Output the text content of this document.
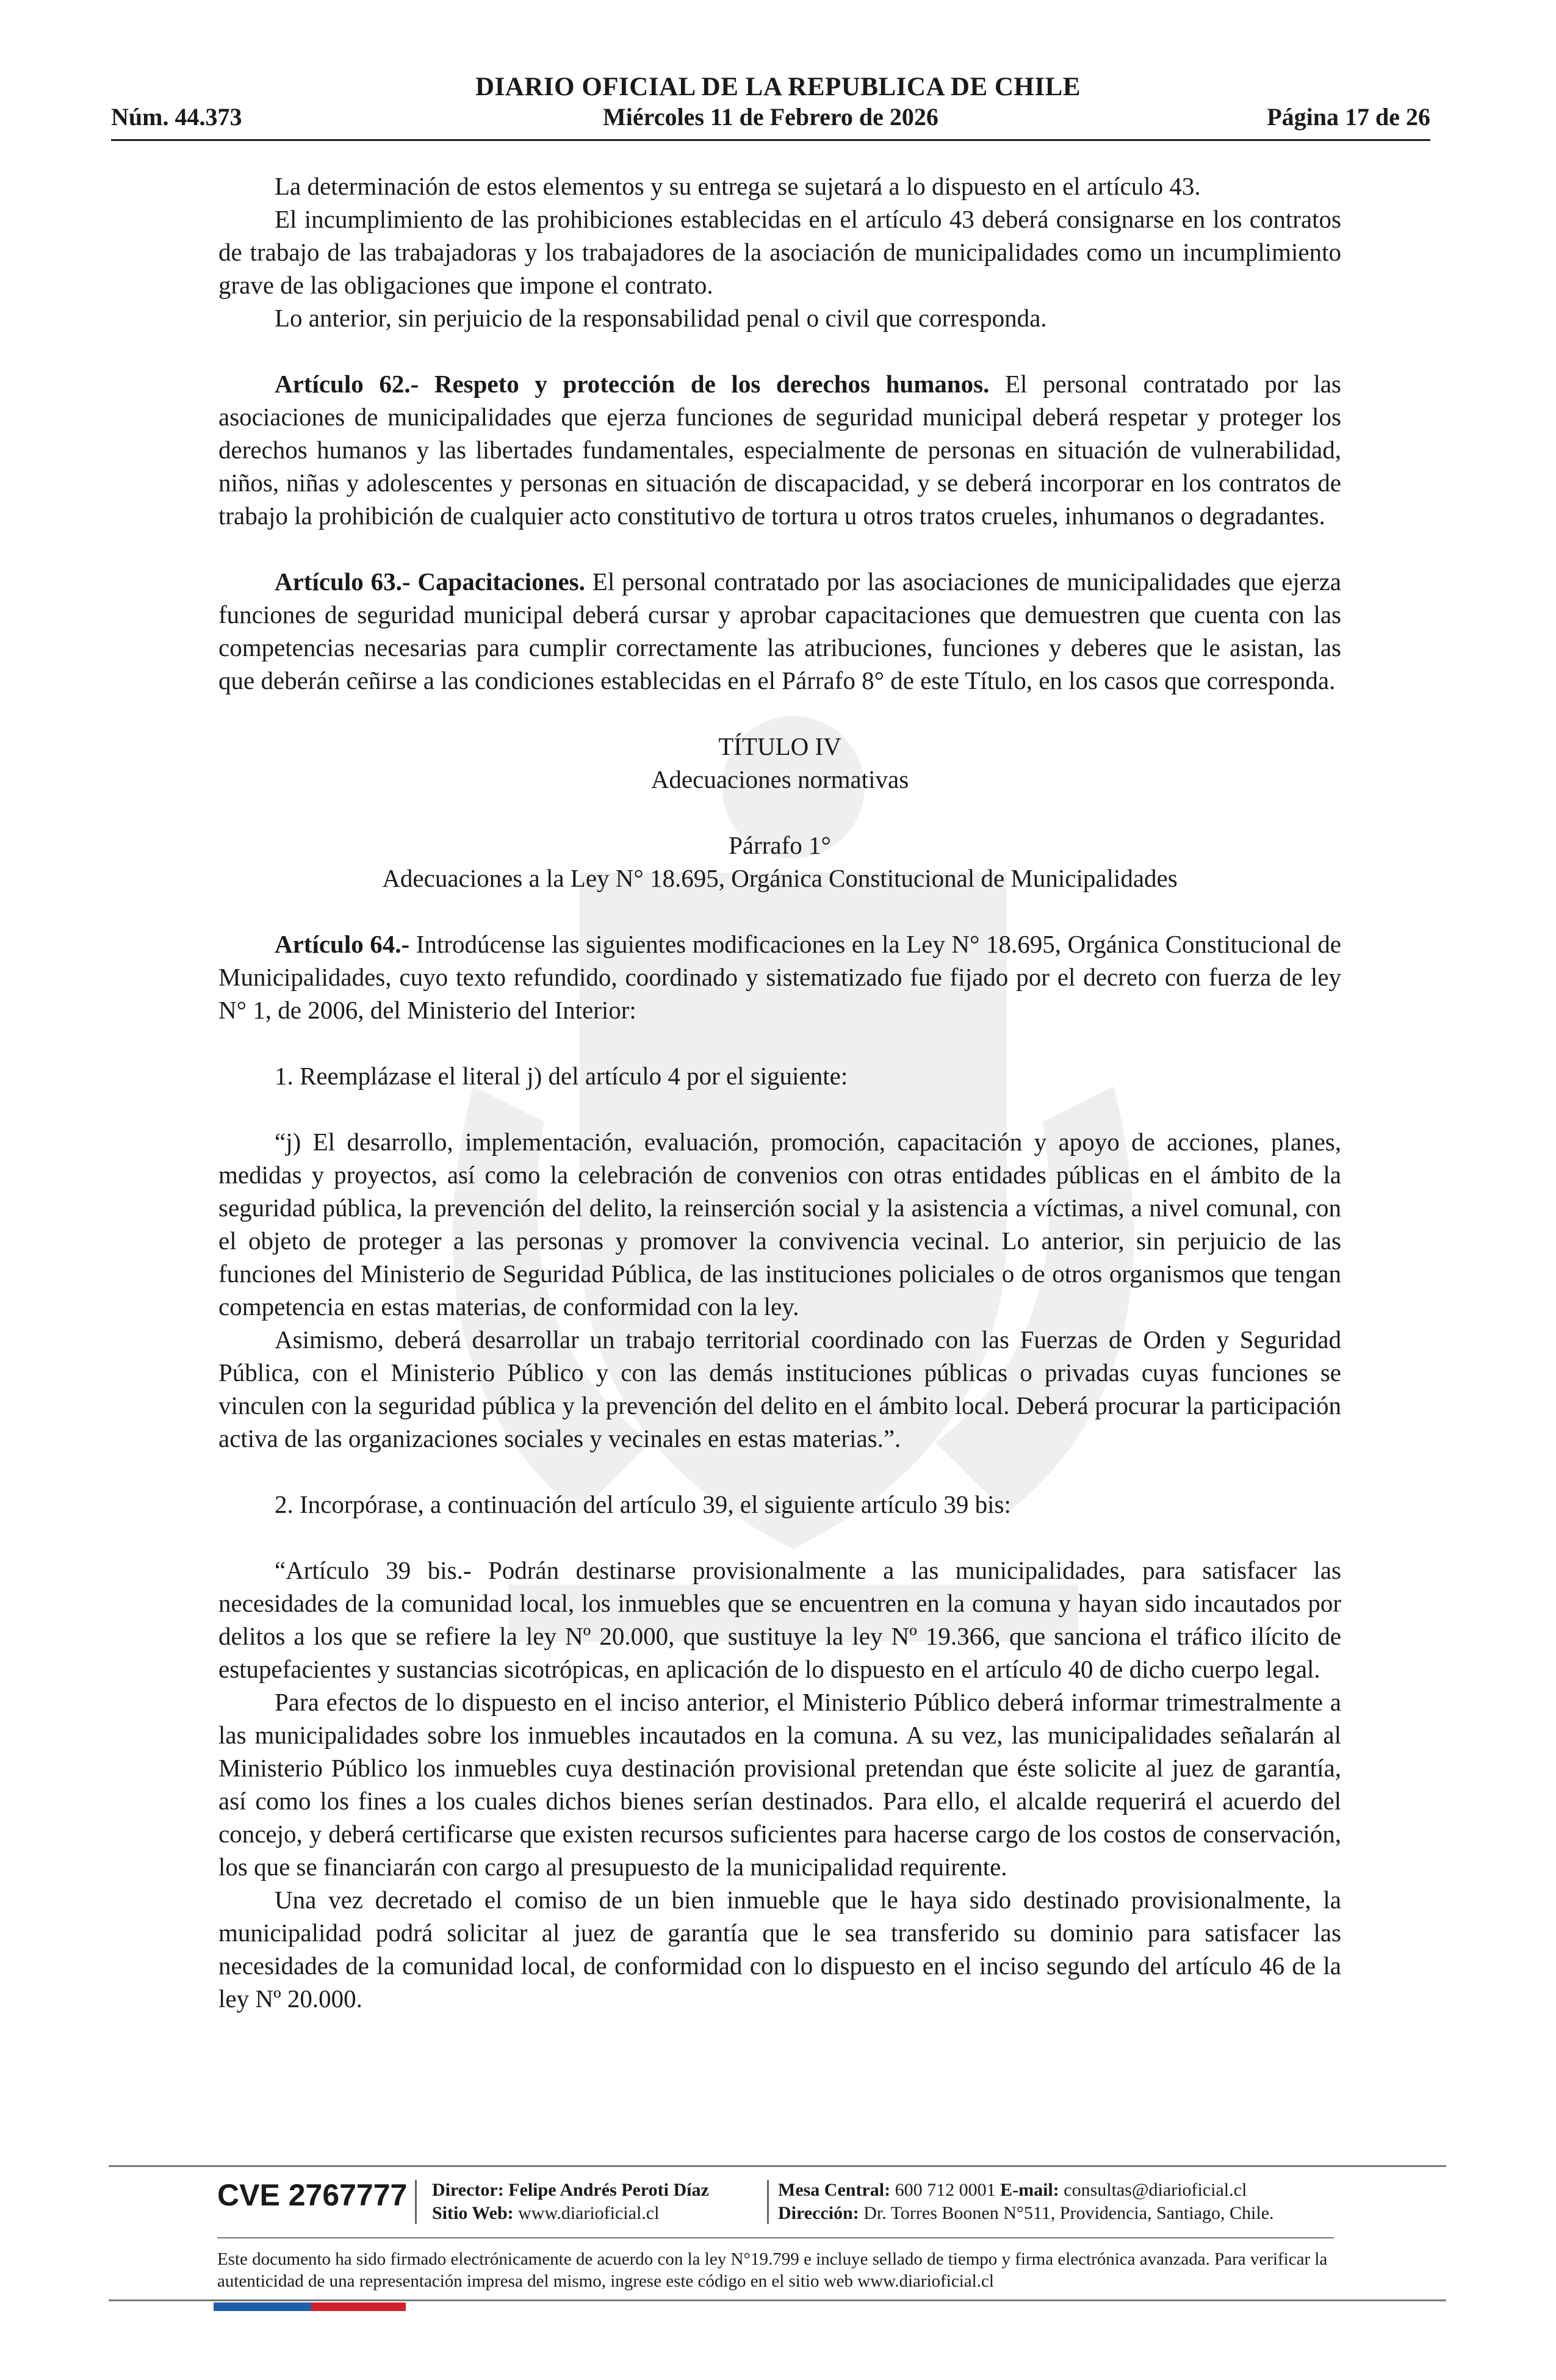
DIARIO OFICIAL DE LA REPUBLICA DE CHILE
Núm. 44.373	Miércoles 11 de Febrero de 2026	Página 17 de 26

La determinación de estos elementos y su entrega se sujetará a lo dispuesto en el artículo 43.

El incumplimiento de las prohibiciones establecidas en el artículo 43 deberá consignarse en los contratos de trabajo de las trabajadoras y los trabajadores de la asociación de municipalidades como un incumplimiento grave de las obligaciones que impone el contrato.

Lo anterior, sin perjuicio de la responsabilidad penal o civil que corresponda.

Artículo 62.- Respeto y protección de los derechos humanos. El personal contratado por las asociaciones de municipalidades que ejerza funciones de seguridad municipal deberá respetar y proteger los derechos humanos y las libertades fundamentales, especialmente de personas en situación de vulnerabilidad, niños, niñas y adolescentes y personas en situación de discapacidad, y se deberá incorporar en los contratos de trabajo la prohibición de cualquier acto constitutivo de tortura u otros tratos crueles, inhumanos o degradantes.

Artículo 63.- Capacitaciones. El personal contratado por las asociaciones de municipalidades que ejerza funciones de seguridad municipal deberá cursar y aprobar capacitaciones que demuestren que cuenta con las competencias necesarias para cumplir correctamente las atribuciones, funciones y deberes que le asistan, las que deberán ceñirse a las condiciones establecidas en el Párrafo 8° de este Título, en los casos que corresponda.

TÍTULO IV

Adecuaciones normativas

Párrafo 1°

Adecuaciones a la Ley N° 18.695, Orgánica Constitucional de Municipalidades

Artículo 64.- Introdúcense las siguientes modificaciones en la Ley N° 18.695, Orgánica Constitucional de Municipalidades, cuyo texto refundido, coordinado y sistematizado fue fijado por el decreto con fuerza de ley N° 1, de 2006, del Ministerio del Interior:

1. Reemplázase el literal j) del artículo 4 por el siguiente:

“j) El desarrollo, implementación, evaluación, promoción, capacitación y apoyo de acciones, planes, medidas y proyectos, así como la celebración de convenios con otras entidades públicas en el ámbito de la seguridad pública, la prevención del delito, la reinserción social y la asistencia a víctimas, a nivel comunal, con el objeto de proteger a las personas y promover la convivencia vecinal. Lo anterior, sin perjuicio de las funciones del Ministerio de Seguridad Pública, de las instituciones policiales o de otros organismos que tengan competencia en estas materias, de conformidad con la ley.

Asimismo, deberá desarrollar un trabajo territorial coordinado con las Fuerzas de Orden y Seguridad Pública, con el Ministerio Público y con las demás instituciones públicas o privadas cuyas funciones se vinculen con la seguridad pública y la prevención del delito en el ámbito local. Deberá procurar la participación activa de las organizaciones sociales y vecinales en estas materias.”.

2. Incorpórase, a continuación del artículo 39, el siguiente artículo 39 bis:

“Artículo 39 bis.- Podrán destinarse provisionalmente a las municipalidades, para satisfacer las necesidades de la comunidad local, los inmuebles que se encuentren en la comuna y hayan sido incautados por delitos a los que se refiere la ley Nº 20.000, que sustituye la ley Nº 19.366, que sanciona el tráfico ilícito de estupefacientes y sustancias sicotrópicas, en aplicación de lo dispuesto en el artículo 40 de dicho cuerpo legal.

Para efectos de lo dispuesto en el inciso anterior, el Ministerio Público deberá informar trimestralmente a las municipalidades sobre los inmuebles incautados en la comuna. A su vez, las municipalidades señalarán al Ministerio Público los inmuebles cuya destinación provisional pretendan que éste solicite al juez de garantía, así como los fines a los cuales dichos bienes serían destinados. Para ello, el alcalde requerirá el acuerdo del concejo, y deberá certificarse que existen recursos suficientes para hacerse cargo de los costos de conservación, los que se financiarán con cargo al presupuesto de la municipalidad requirente.

Una vez decretado el comiso de un bien inmueble que le haya sido destinado provisionalmente, la municipalidad podrá solicitar al juez de garantía que le sea transferido su dominio para satisfacer las necesidades de la comunidad local, de conformidad con lo dispuesto en el inciso segundo del artículo 46 de la ley Nº 20.000.

CVE 2767777 Director: Felipe Andrés Peroti Díaz
Sitio Web: www.diarioficial.cl
Mesa Central: 600 712 0001 E-mail: consultas@diarioficial.cl
Dirección: Dr. Torres Boonen N°511, Providencia, Santiago, Chile.
Este documento ha sido firmado electrónicamente de acuerdo con la ley N°19.799 e incluye sellado de tiempo y firma electrónica avanzada. Para verificar la autenticidad de una representación impresa del mismo, ingrese este código en el sitio web www.diarioficial.cl
